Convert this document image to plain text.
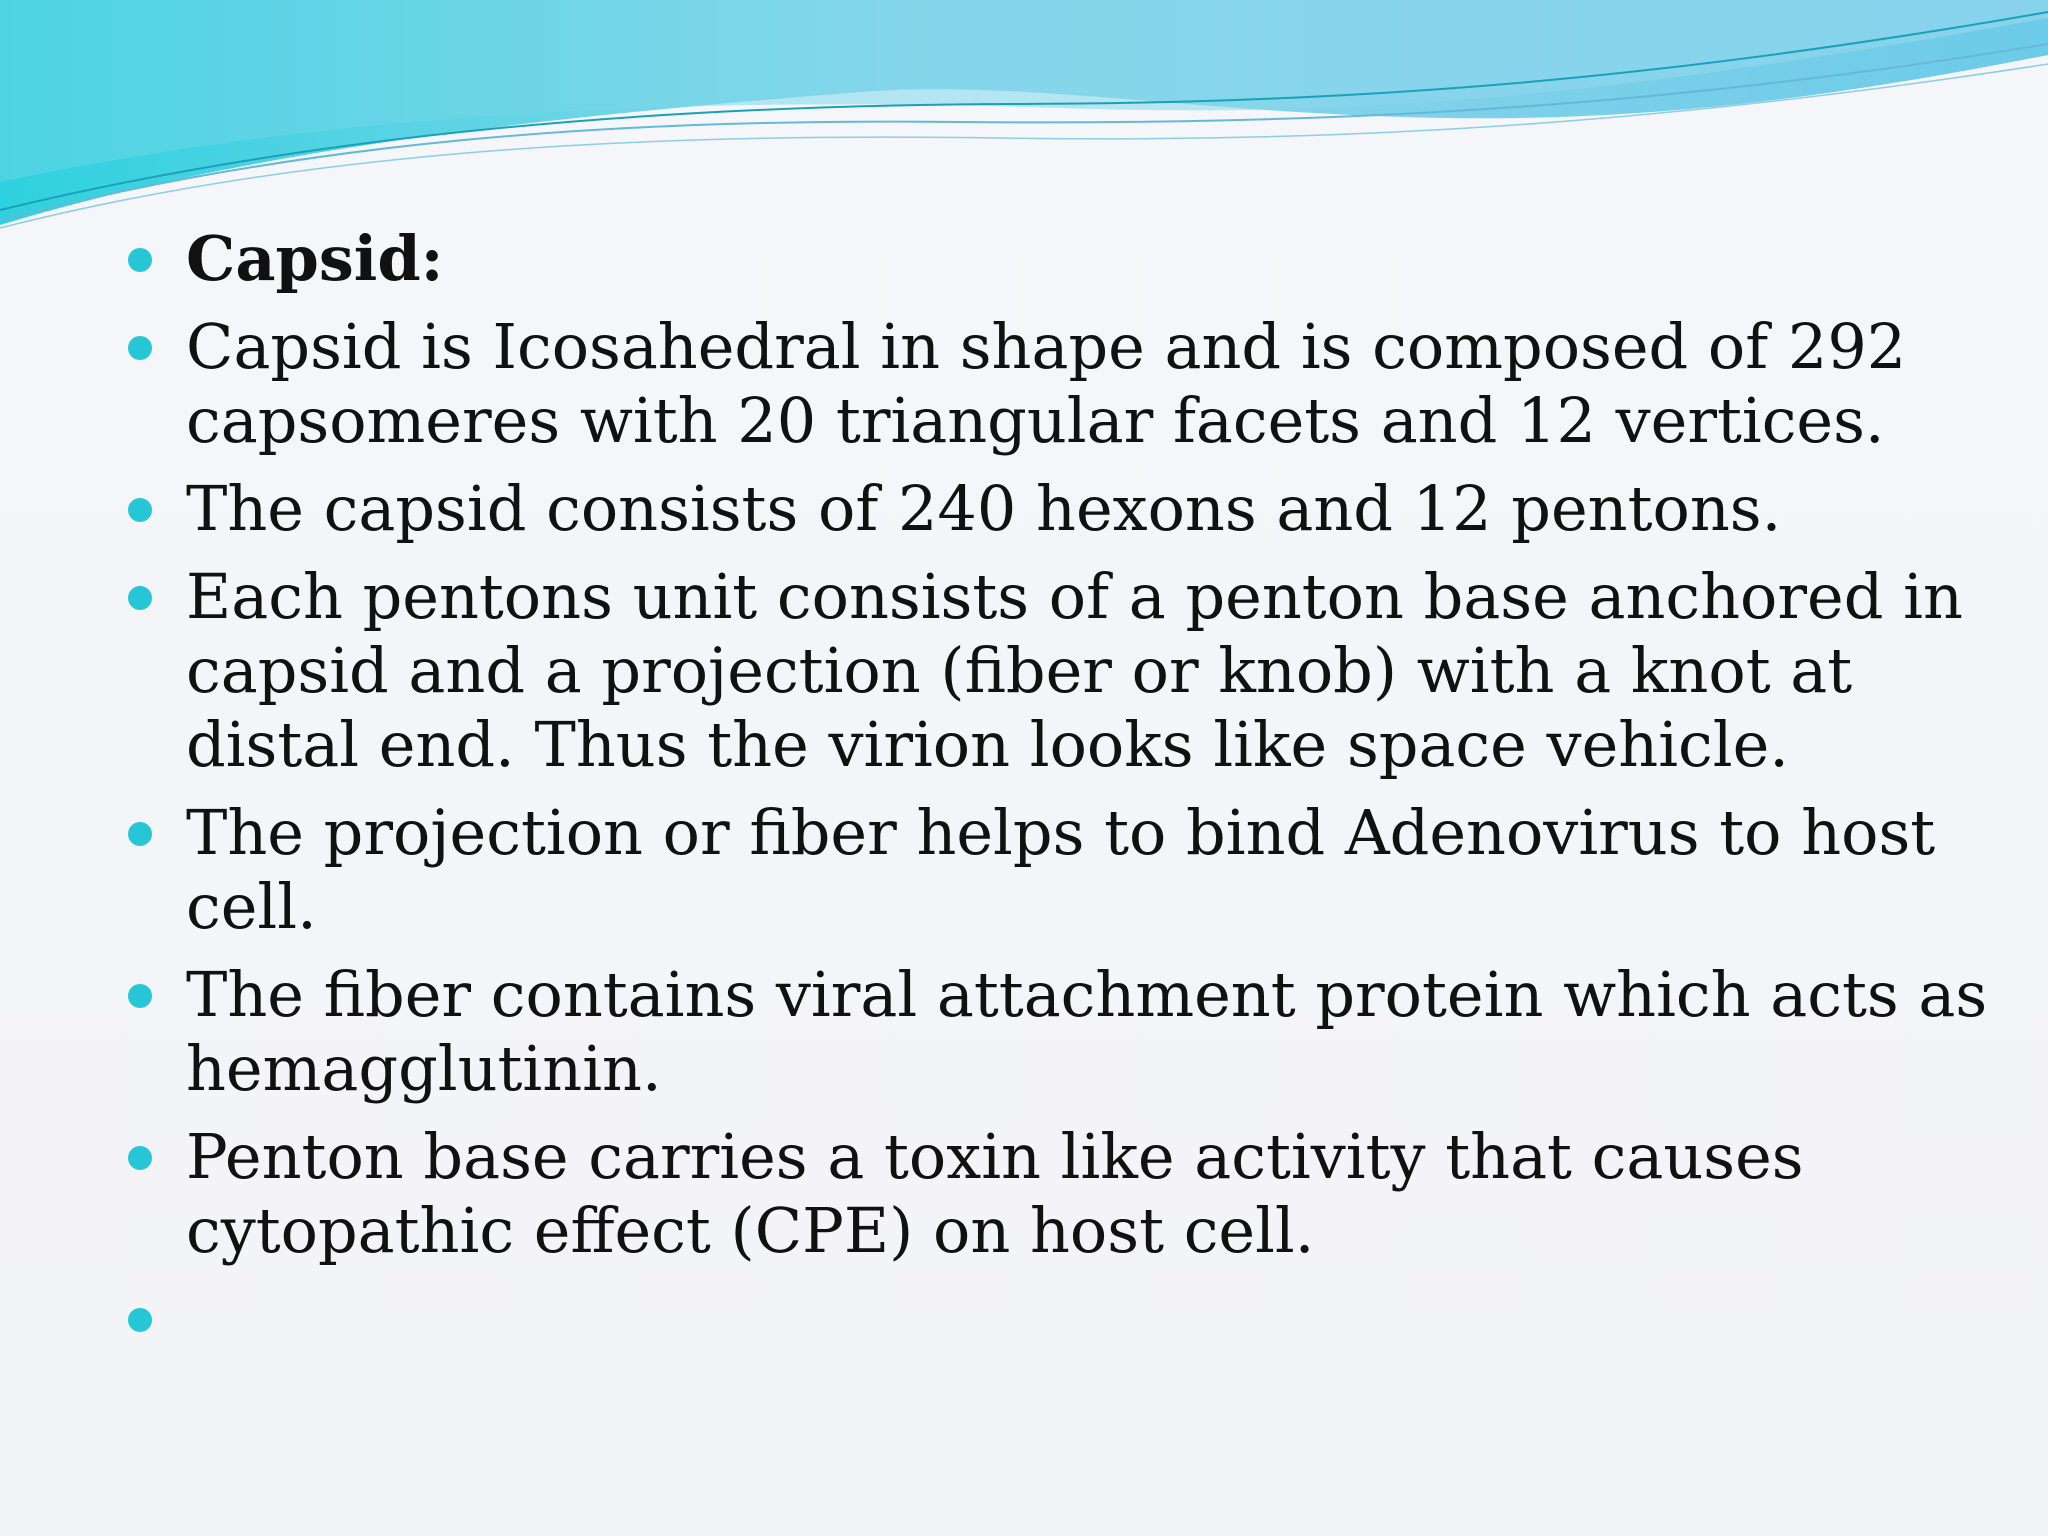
Capsid:
Capsid is Icosahedral in shape and is composed of 292 capsomeres with 20 triangular facets and 12 vertices.
The capsid consists of 240 hexons and 12 pentons.
Each pentons unit consists of a penton base anchored in capsid and a projection (fiber or knob) with a knot at distal end. Thus the virion looks like space vehicle.
The projection or fiber helps to bind Adenovirus to host cell.
The fiber contains viral attachment protein which acts as hemagglutinin.
Penton base carries a toxin like activity that causes cytopathic effect (CPE) on host cell.
